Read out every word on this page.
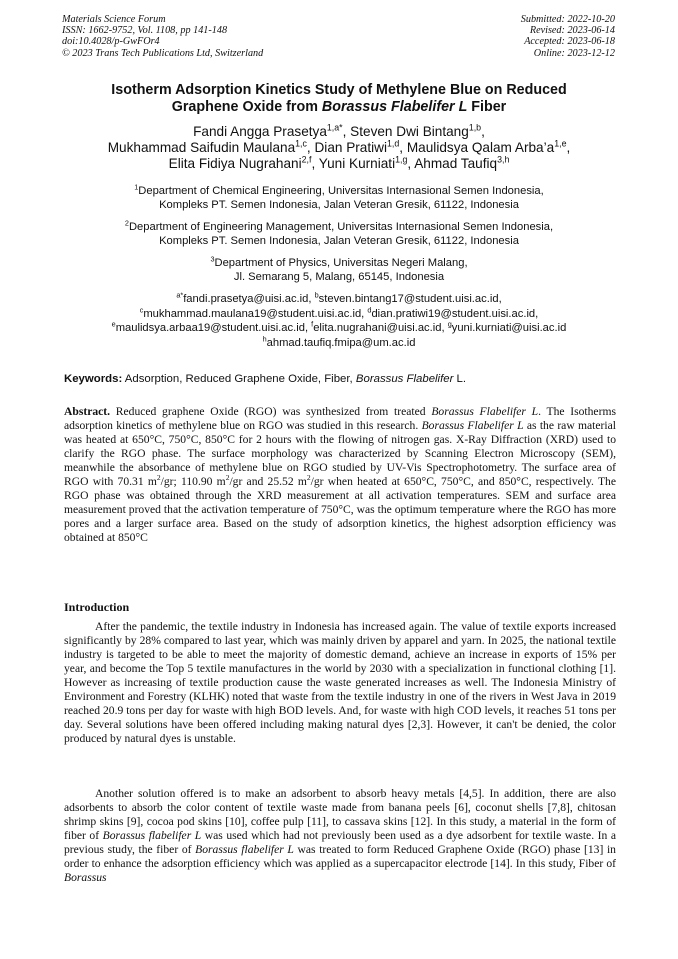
Materials Science Forum
ISSN: 1662-9752, Vol. 1108, pp 141-148
doi:10.4028/p-GwFOr4
© 2023 Trans Tech Publications Ltd, Switzerland
Submitted: 2022-10-20
Revised: 2023-06-14
Accepted: 2023-06-18
Online: 2023-12-12
Isotherm Adsorption Kinetics Study of Methylene Blue on Reduced
Graphene Oxide from Borassus Flabelifer L Fiber
Fandi Angga Prasetya$^{1,a*}$, Steven Dwi Bintang$^{1,b}$,
Mukhammad Saifudin Maulana$^{1,c}$, Dian Pratiwi$^{1,d}$, Maulidsya Qalam $Arba’a^{1,e}$,
Elita Fidiya Nugrahani$^{2,f}$, Yuni Kurniati$^{1,g}$, Ahmad Taufiq$^{3,h}$
$^1$Department of Chemical Engineering, Universitas Internasional Semen Indonesia,
Kompleks PT. Semen Indonesia, Jalan Veteran Gresik, 61122, Indonesia
$^2$Department of Engineering Management, Universitas Internasional Semen Indonesia,
Kompleks PT. Semen Indonesia, Jalan Veteran Gresik, 61122, Indonesia
$^3$Department of Physics, Universitas Negeri Malang,
Jl. Semarang 5, Malang, 65145, Indonesia
$^{a*}$fandi.prasetya@uisi.ac.id, $^b$steven.bintang17@student.uisi.ac.id,
$^c$mukhammad.maulana19@student.uisi.ac.id, $^d$dian.pratiwi19@student.uisi.ac.id,
$^e$maulidsya.arbaa19@student.uisi.ac.id, $^f$elita.nugrahani@uisi.ac.id, $^g$yuni.kurniati@uisi.ac.id
$^h$ahmad.taufiq.fmipa@um.ac.id
Keywords: Adsorption, Reduced Graphene Oxide, Fiber, Borassus Flabelifer L.
Abstract. Reduced graphene Oxide (RGO) was synthesized from treated Borassus Flabelifer L. The Isotherms adsorption kinetics of methylene blue on RGO was studied in this research. Borassus Flabelifer L as the raw material was heated at 650°C, 750°C, 850°C for 2 hours with the flowing of nitrogen gas. X-Ray Diffraction (XRD) used to clarify the RGO phase. The surface morphology was characterized by Scanning Electron Microscopy (SEM), meanwhile the absorbance of methylene blue on RGO studied by UV-Vis Spectrophotometry. The surface area of RGO with 70.31 $m^2/gr$; 110.90 $m^2/gr$ and 25.52 $m^2/gr$ when heated at 650°C, 750°C, and 850°C, respectively. The RGO phase was obtained through the XRD measurement at all activation temperatures. SEM and surface area measurement proved that the activation temperature of 750°C, was the optimum temperature where the RGO has more pores and a larger surface area. Based on the study of adsorption kinetics, the highest adsorption efficiency was obtained at 850°C
Introduction
After the pandemic, the textile industry in Indonesia has increased again. The value of textile exports increased significantly by 28% compared to last year, which was mainly driven by apparel and yarn. In 2025, the national textile industry is targeted to be able to meet the majority of domestic demand, achieve an increase in exports of 15% per year, and become the Top 5 textile manufactures in the world by 2030 with a specialization in functional clothing [1]. However as increasing of textile production cause the waste generated increases as well. The Indonesia Ministry of Environment and Forestry (KLHK) noted that waste from the textile industry in one of the rivers in West Java in 2019 reached 20.9 tons per day for waste with high BOD levels. And, for waste with high COD levels, it reaches 51 tons per day. Several solutions have been offered including making natural dyes [2,3]. However, it can't be denied, the color produced by natural dyes is unstable.
Another solution offered is to make an adsorbent to absorb heavy metals [4,5]. In addition, there are also adsorbents to absorb the color content of textile waste made from banana peels [6], coconut shells [7,8], chitosan shrimp skins [9], cocoa pod skins [10], coffee pulp [11], to cassava skins [12]. In this study, a material in the form of fiber of Borassus flabelifer L was used which had not previously been used as a dye adsorbent for textile waste. In a previous study, the fiber of Borassus flabelifer L was treated to form Reduced Graphene Oxide (RGO) phase [13] in order to enhance the adsorption efficiency which was applied as a supercapacitor electrode [14]. In this study, Fiber of Borassus
